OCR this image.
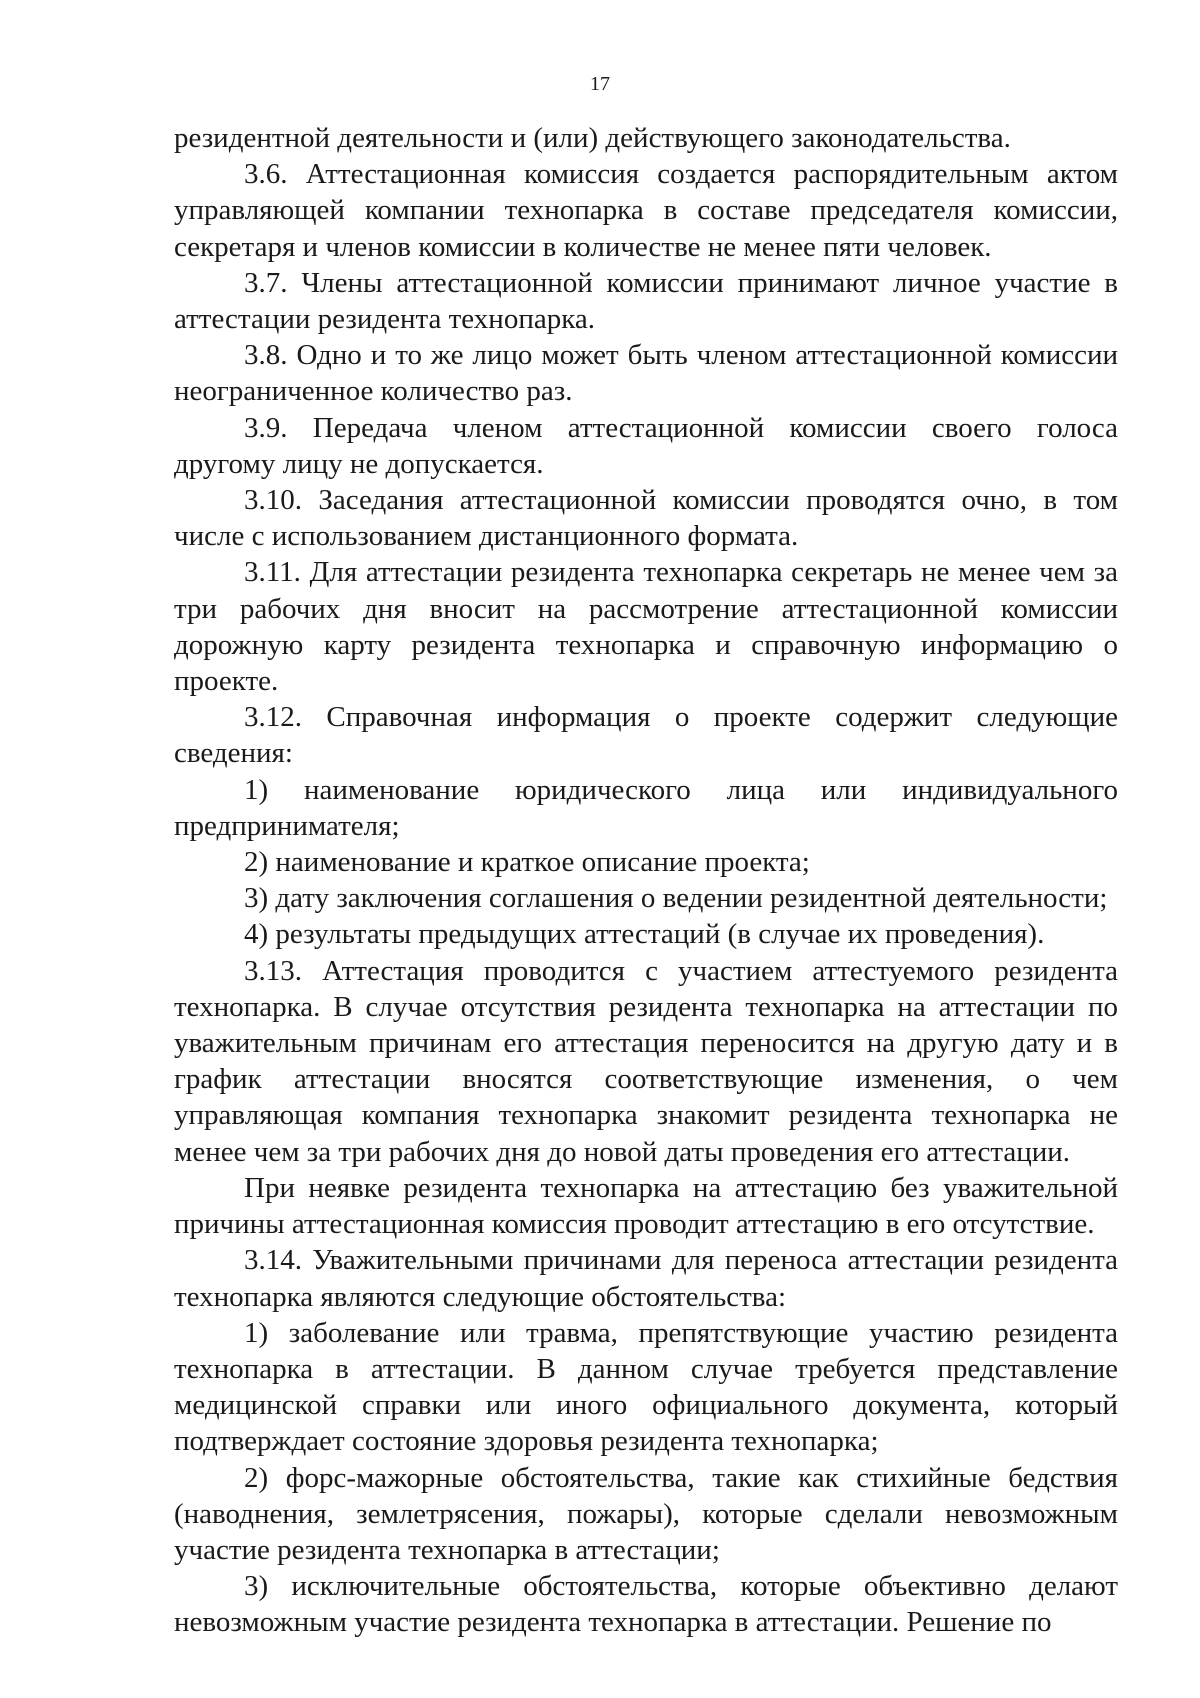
17

резидентной деятельности и (или) действующего законодательства.

3.6. Аттестационная комиссия создается распорядительным актом управляющей компании технопарка в составе председателя комиссии, секретаря и членов комиссии в количестве не менее пяти человек.

3.7. Члены аттестационной комиссии принимают личное участие в аттестации резидента технопарка.

3.8. Одно и то же лицо может быть членом аттестационной комиссии неограниченное количество раз.

3.9. Передача членом аттестационной комиссии своего голоса другому лицу не допускается.

3.10. Заседания аттестационной комиссии проводятся очно, в том числе с использованием дистанционного формата.

3.11. Для аттестации резидента технопарка секретарь не менее чем за три рабочих дня вносит на рассмотрение аттестационной комиссии дорожную карту резидента технопарка и справочную информацию о проекте.

3.12. Справочная информация о проекте содержит следующие сведения:

1) наименование юридического лица или индивидуального предпринимателя;

2) наименование и краткое описание проекта;

3) дату заключения соглашения о ведении резидентной деятельности;

4) результаты предыдущих аттестаций (в случае их проведения).

3.13. Аттестация проводится с участием аттестуемого резидента технопарка. В случае отсутствия резидента технопарка на аттестации по уважительным причинам его аттестация переносится на другую дату и в график аттестации вносятся соответствующие изменения, о чем управляющая компания технопарка знакомит резидента технопарка не менее чем за три рабочих дня до новой даты проведения его аттестации.

При неявке резидента технопарка на аттестацию без уважительной причины аттестационная комиссия проводит аттестацию в его отсутствие.

3.14. Уважительными причинами для переноса аттестации резидента технопарка являются следующие обстоятельства:

1) заболевание или травма, препятствующие участию резидента технопарка в аттестации. В данном случае требуется представление медицинской справки или иного официального документа, который подтверждает состояние здоровья резидента технопарка;

2) форс-мажорные обстоятельства, такие как стихийные бедствия (наводнения, землетрясения, пожары), которые сделали невозможным участие резидента технопарка в аттестации;

3) исключительные обстоятельства, которые объективно делают невозможным участие резидента технопарка в аттестации. Решение по
